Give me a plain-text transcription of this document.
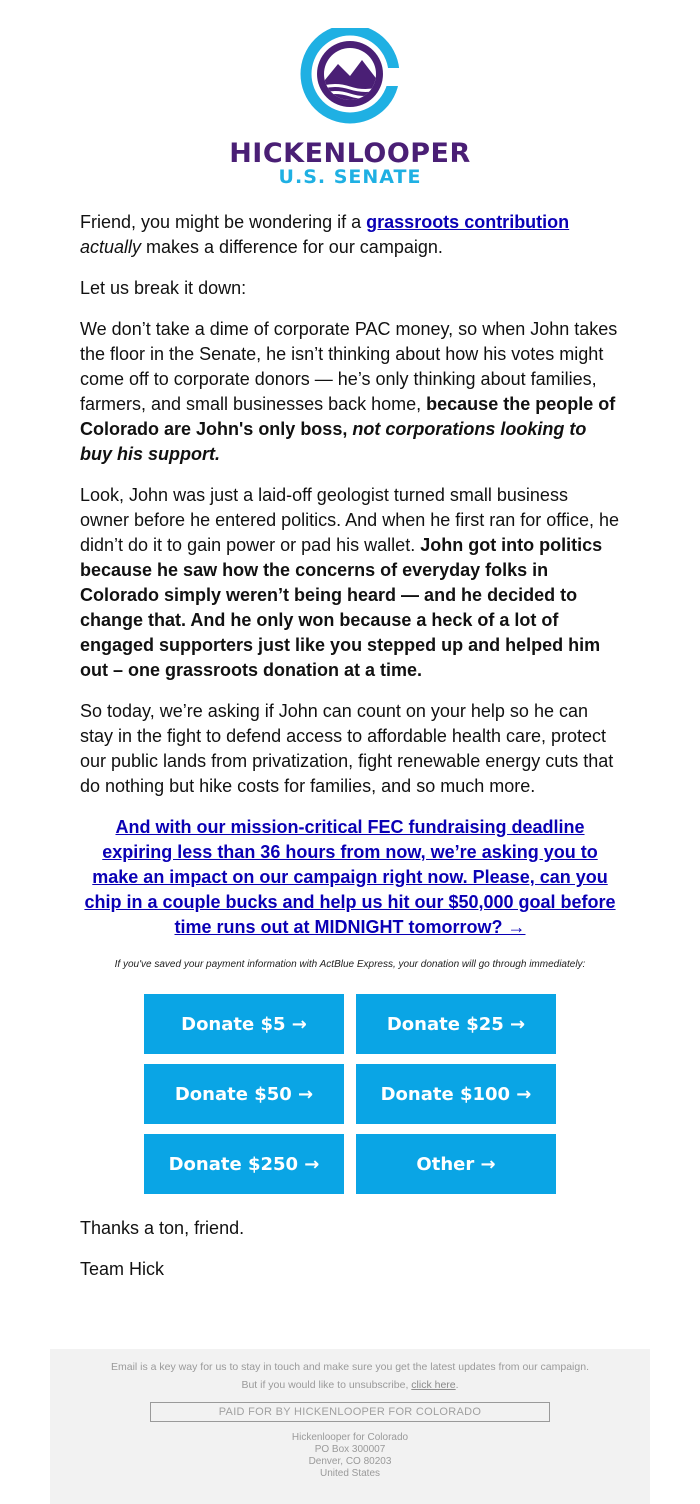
HICKENLOOPER
U.S. SENATE

Friend, you might be wondering if a grassroots contribution actually makes a difference for our campaign.

Let us break it down:

We don’t take a dime of corporate PAC money, so when John takes the floor in the Senate, he isn’t thinking about how his votes might come off to corporate donors — he’s only thinking about families, farmers, and small businesses back home, because the people of Colorado are John's only boss, not corporations looking to buy his support.

Look, John was just a laid-off geologist turned small business owner before he entered politics. And when he first ran for office, he didn’t do it to gain power or pad his wallet. John got into politics because he saw how the concerns of everyday folks in Colorado simply weren’t being heard — and he decided to change that. And he only won because a heck of a lot of engaged supporters just like you stepped up and helped him out – one grassroots donation at a time.

So today, we’re asking if John can count on your help so he can stay in the fight to defend access to affordable health care, protect our public lands from privatization, fight renewable energy cuts that do nothing but hike costs for families, and so much more.

And with our mission-critical FEC fundraising deadline expiring less than 36 hours from now, we’re asking you to make an impact on our campaign right now. Please, can you chip in a couple bucks and help us hit our $50,000 goal before time runs out at MIDNIGHT tomorrow? →

If you've saved your payment information with ActBlue Express, your donation will go through immediately:

Donate $5 →	Donate $25 →
Donate $50 →	Donate $100 →
Donate $250 →	Other →

Thanks a ton, friend.

Team Hick

Email is a key way for us to stay in touch and make sure you get the latest updates from our campaign.
But if you would like to unsubscribe, click here.
PAID FOR BY HICKENLOOPER FOR COLORADO
Hickenlooper for Colorado
PO Box 300007
Denver, CO 80203
United States
